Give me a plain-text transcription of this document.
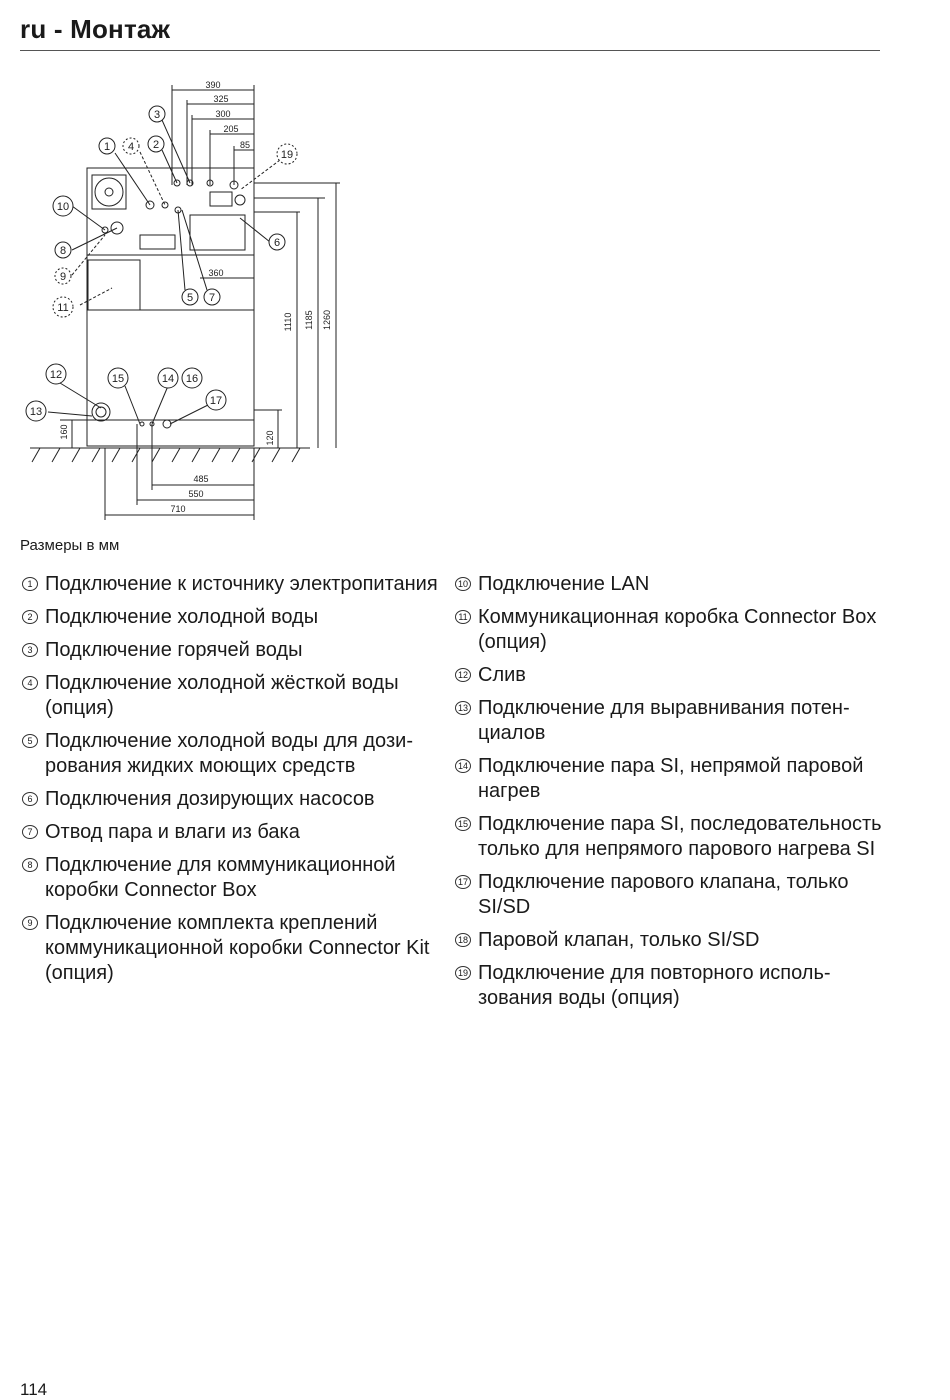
ru - Монтаж
390
325
300
205
85
360
1110 1185 1260
160	120
485
550
710
1	2
3
4
5
6
7
8
9
10
11
12
13
14
15	16
17
19
Размеры в мм
1 Подключение к источнику электропитания
2 Подключение холодной воды
3 Подключение горячей воды
4 Подключение холодной жёсткой воды (опция)
5 Подключение холодной воды для дозирования жидких моющих средств
6 Подключения дозирующих насосов
7 Отвод пара и влаги из бака
8 Подключение для коммуникационной коробки Connector Box
9 Подключение комплекта креплений коммуникационной коробки Connector Kit (опция)
10 Подключение LAN
11 Коммуникационная коробка Connector Box (опция)
12 Слив
13 Подключение для выравнивания потенциалов
14 Подключение пара SI, непрямой паровой нагрев
15 Подключение пара SI, последовательность только для непрямого парового нагрева SI
17 Подключение парового клапана, только SI/SD
18 Паровой клапан, только SI/SD
19 Подключение для повторного использования воды (опция)
114
